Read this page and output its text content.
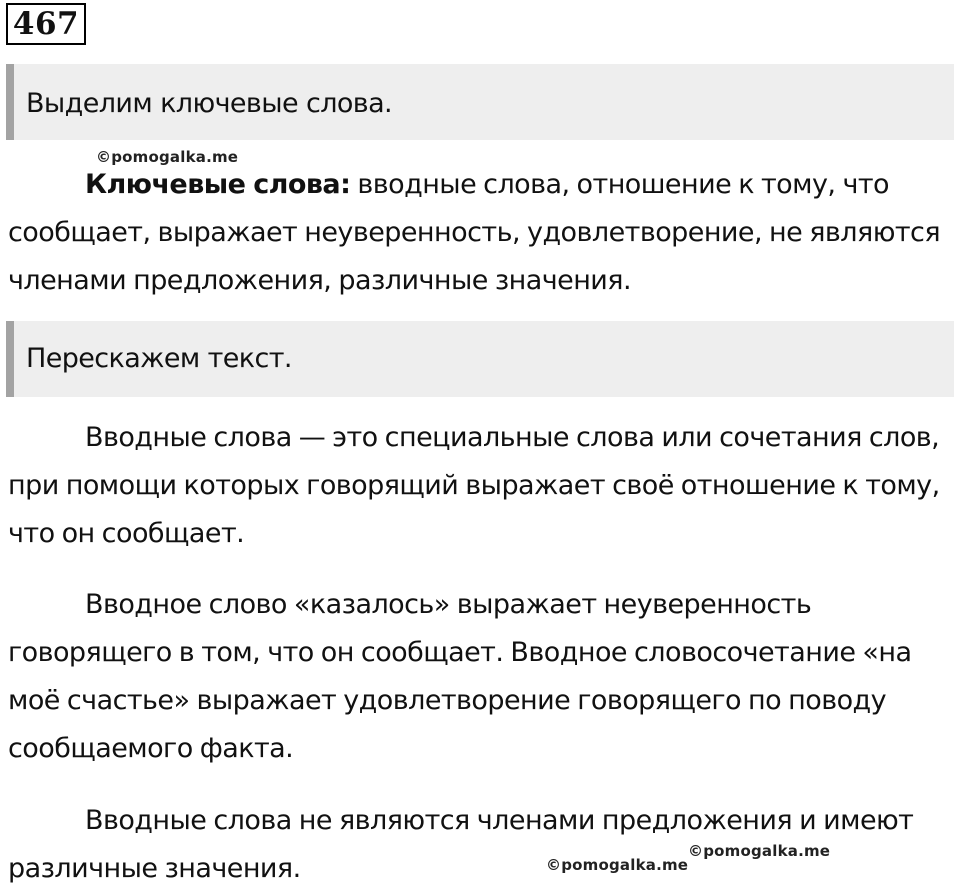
467
Выделим ключевые слова.
©pomogalka.me

Ключевые слова: вводные слова, отношение к тому, что сообщает, выражает неуверенность, удовлетворение, не являются членами предложения, различные значения.

Перескажем текст.

Вводные слова — это специальные слова или сочетания слов, при помощи которых говорящий выражает своё отношение к тому, что он сообщает.

Вводное слово «казалось» выражает неуверенность говорящего в том, что он сообщает. Вводное словосочетание «на моё счастье» выражает удовлетворение говорящего по поводу сообщаемого факта.

Вводные слова не являются членами предложения и имеют различные значения.	©pomogalka.me
©pomogalka.me
